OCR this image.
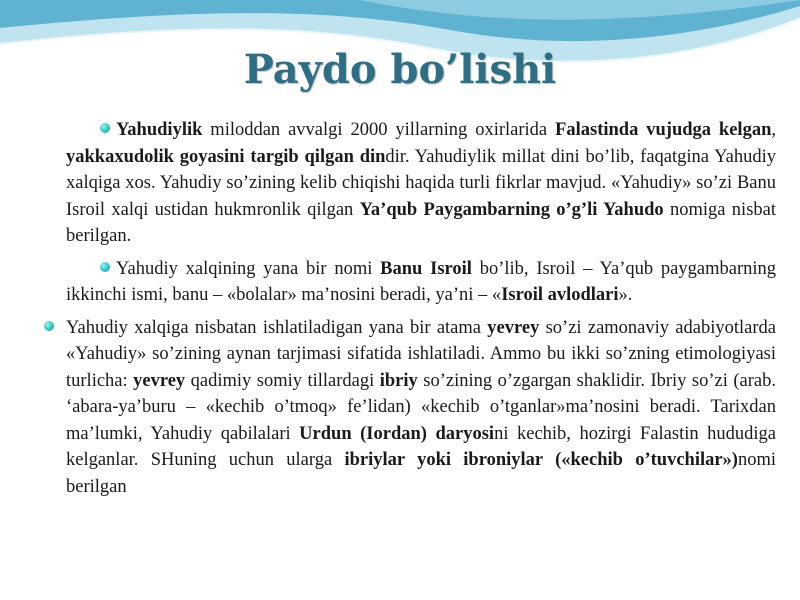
Paydo bo’lishi

Yahudiylik miloddan avvalgi 2000 yillarning oxirlarida Falastinda vujudga kelgan, yakkaxudolik goyasini targib qilgan dindir. Yahudiylik millat dini bo’lib, faqatgina Yahudiy xalqiga xos. Yahudiy so’zining kelib chiqishi haqida turli fikrlar mavjud. «Yahudiy» so’zi Banu Isroil xalqi ustidan hukmronlik qilgan Ya’qub Paygambarning o’g’li Yahudo nomiga nisbat berilgan.

Yahudiy xalqining yana bir nomi Banu Isroil bo’lib, Isroil – Ya’qub paygambarning ikkinchi ismi, banu – «bolalar» ma’nosini beradi, ya’ni – «Isroil avlodlari».

Yahudiy xalqiga nisbatan ishlatiladigan yana bir atama yevrey so’zi zamonaviy adabiyotlarda «Yahudiy» so’zining aynan tarjimasi sifatida ishlatiladi. Ammo bu ikki so’zning etimologiyasi turlicha: yevrey qadimiy somiy tillardagi ibriy so’zining o’zgargan shaklidir. Ibriy so’zi (arab. ‘abara-ya’buru – «kechib o’tmoq» fe’lidan) «kechib o’tganlar»ma’nosini beradi. Tarixdan ma’lumki, Yahudiy qabilalari Urdun (Iordan) daryosini kechib, hozirgi Falastin hududiga kelganlar. SHuning uchun ularga ibriylar yoki ibroniylar («kechib o’tuvchilar»)nomi berilgan
